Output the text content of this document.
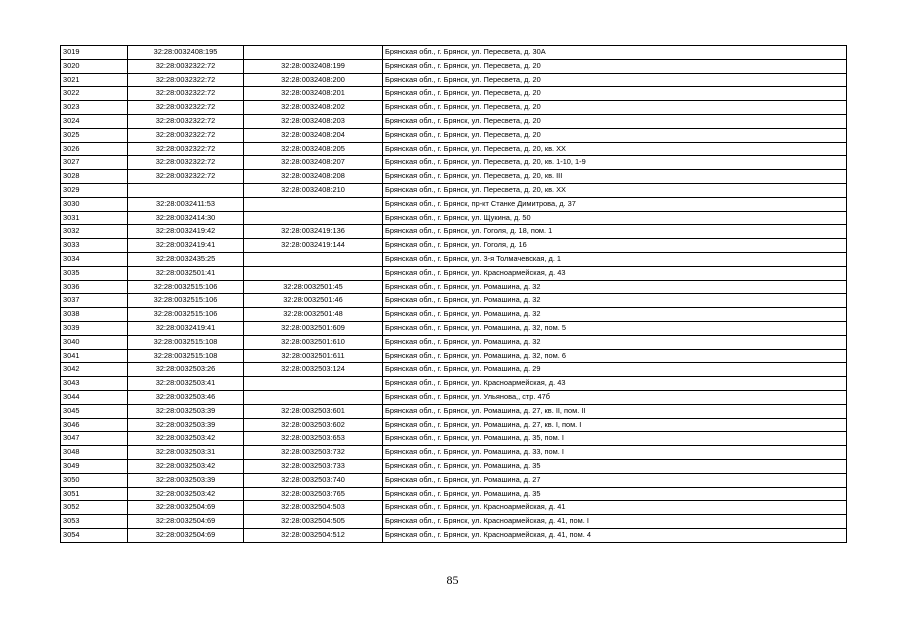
3019	32:28:0032408:195		Брянская обл., г. Брянск, ул. Пересвета, д. 30А
3020	32:28:0032322:72	32:28:0032408:199	Брянская обл., г. Брянск, ул. Пересвета, д. 20
3021	32:28:0032322:72	32:28:0032408:200	Брянская обл., г. Брянск, ул. Пересвета, д. 20
3022	32:28:0032322:72	32:28:0032408:201	Брянская обл., г. Брянск, ул. Пересвета, д. 20
3023	32:28:0032322:72	32:28:0032408:202	Брянская обл., г. Брянск, ул. Пересвета, д. 20
3024	32:28:0032322:72	32:28:0032408:203	Брянская обл., г. Брянск, ул. Пересвета, д. 20
3025	32:28:0032322:72	32:28:0032408:204	Брянская обл., г. Брянск, ул. Пересвета, д. 20
3026	32:28:0032322:72	32:28:0032408:205	Брянская обл., г. Брянск, ул. Пересвета, д. 20, кв. XX
3027	32:28:0032322:72	32:28:0032408:207	Брянская обл., г. Брянск, ул. Пересвета, д. 20, кв. 1-10, 1-9
3028	32:28:0032322:72	32:28:0032408:208	Брянская обл., г. Брянск, ул. Пересвета, д. 20, кв. III
3029		32:28:0032408:210	Брянская обл., г. Брянск, ул. Пересвета, д. 20, кв. XX
3030	32:28:0032411:53		Брянская обл., г. Брянск, пр-кт Станке Димитрова, д. 37
3031	32:28:0032414:30		Брянская обл., г. Брянск, ул. Щукина, д. 50
3032	32:28:0032419:42	32:28:0032419:136	Брянская обл., г. Брянск, ул. Гоголя, д. 18, пом. 1
3033	32:28:0032419:41	32:28:0032419:144	Брянская обл., г. Брянск, ул. Гоголя, д. 16
3034	32:28:0032435:25		Брянская обл., г. Брянск, ул. 3-я Толмачевская, д. 1
3035	32:28:0032501:41		Брянская обл., г. Брянск, ул. Красноармейская, д. 43
3036	32:28:0032515:106	32:28:0032501:45	Брянская обл., г. Брянск, ул. Ромашина, д. 32
3037	32:28:0032515:106	32:28:0032501:46	Брянская обл., г. Брянск, ул. Ромашина, д. 32
3038	32:28:0032515:106	32:28:0032501:48	Брянская обл., г. Брянск, ул. Ромашина, д. 32
3039	32:28:0032419:41	32:28:0032501:609	Брянская обл., г. Брянск, ул. Ромашина, д. 32, пом. 5
3040	32:28:0032515:108	32:28:0032501:610	Брянская обл., г. Брянск, ул. Ромашина, д. 32
3041	32:28:0032515:108	32:28:0032501:611	Брянская обл., г. Брянск, ул. Ромашина, д. 32, пом. 6
3042	32:28:0032503:26	32:28:0032503:124	Брянская обл., г. Брянск, ул. Ромашина, д. 29
3043	32:28:0032503:41		Брянская обл., г. Брянск, ул. Красноармейская, д. 43
3044	32:28:0032503:46		Брянская обл., г. Брянск, ул. Ульянова,, стр. 47б
3045	32:28:0032503:39	32:28:0032503:601	Брянская обл., г. Брянск, ул. Ромашина, д. 27, кв. II, пом. II
3046	32:28:0032503:39	32:28:0032503:602	Брянская обл., г. Брянск, ул. Ромашина, д. 27, кв. I, пом. I
3047	32:28:0032503:42	32:28:0032503:653	Брянская обл., г. Брянск, ул. Ромашина, д. 35, пом. I
3048	32:28:0032503:31	32:28:0032503:732	Брянская обл., г. Брянск, ул. Ромашина, д. 33, пом. I
3049	32:28:0032503:42	32:28:0032503:733	Брянская обл., г. Брянск, ул. Ромашина, д. 35
3050	32:28:0032503:39	32:28:0032503:740	Брянская обл., г. Брянск, ул. Ромашина, д. 27
3051	32:28:0032503:42	32:28:0032503:765	Брянская обл., г. Брянск, ул. Ромашина, д. 35
3052	32:28:0032504:69	32:28:0032504:503	Брянская обл., г. Брянск, ул. Красноармейская, д. 41
3053	32:28:0032504:69	32:28:0032504:505	Брянская обл., г. Брянск, ул. Красноармейская, д. 41, пом. I
3054	32:28:0032504:69	32:28:0032504:512	Брянская обл., г. Брянск, ул. Красноармейская, д. 41, пом. 4
85
